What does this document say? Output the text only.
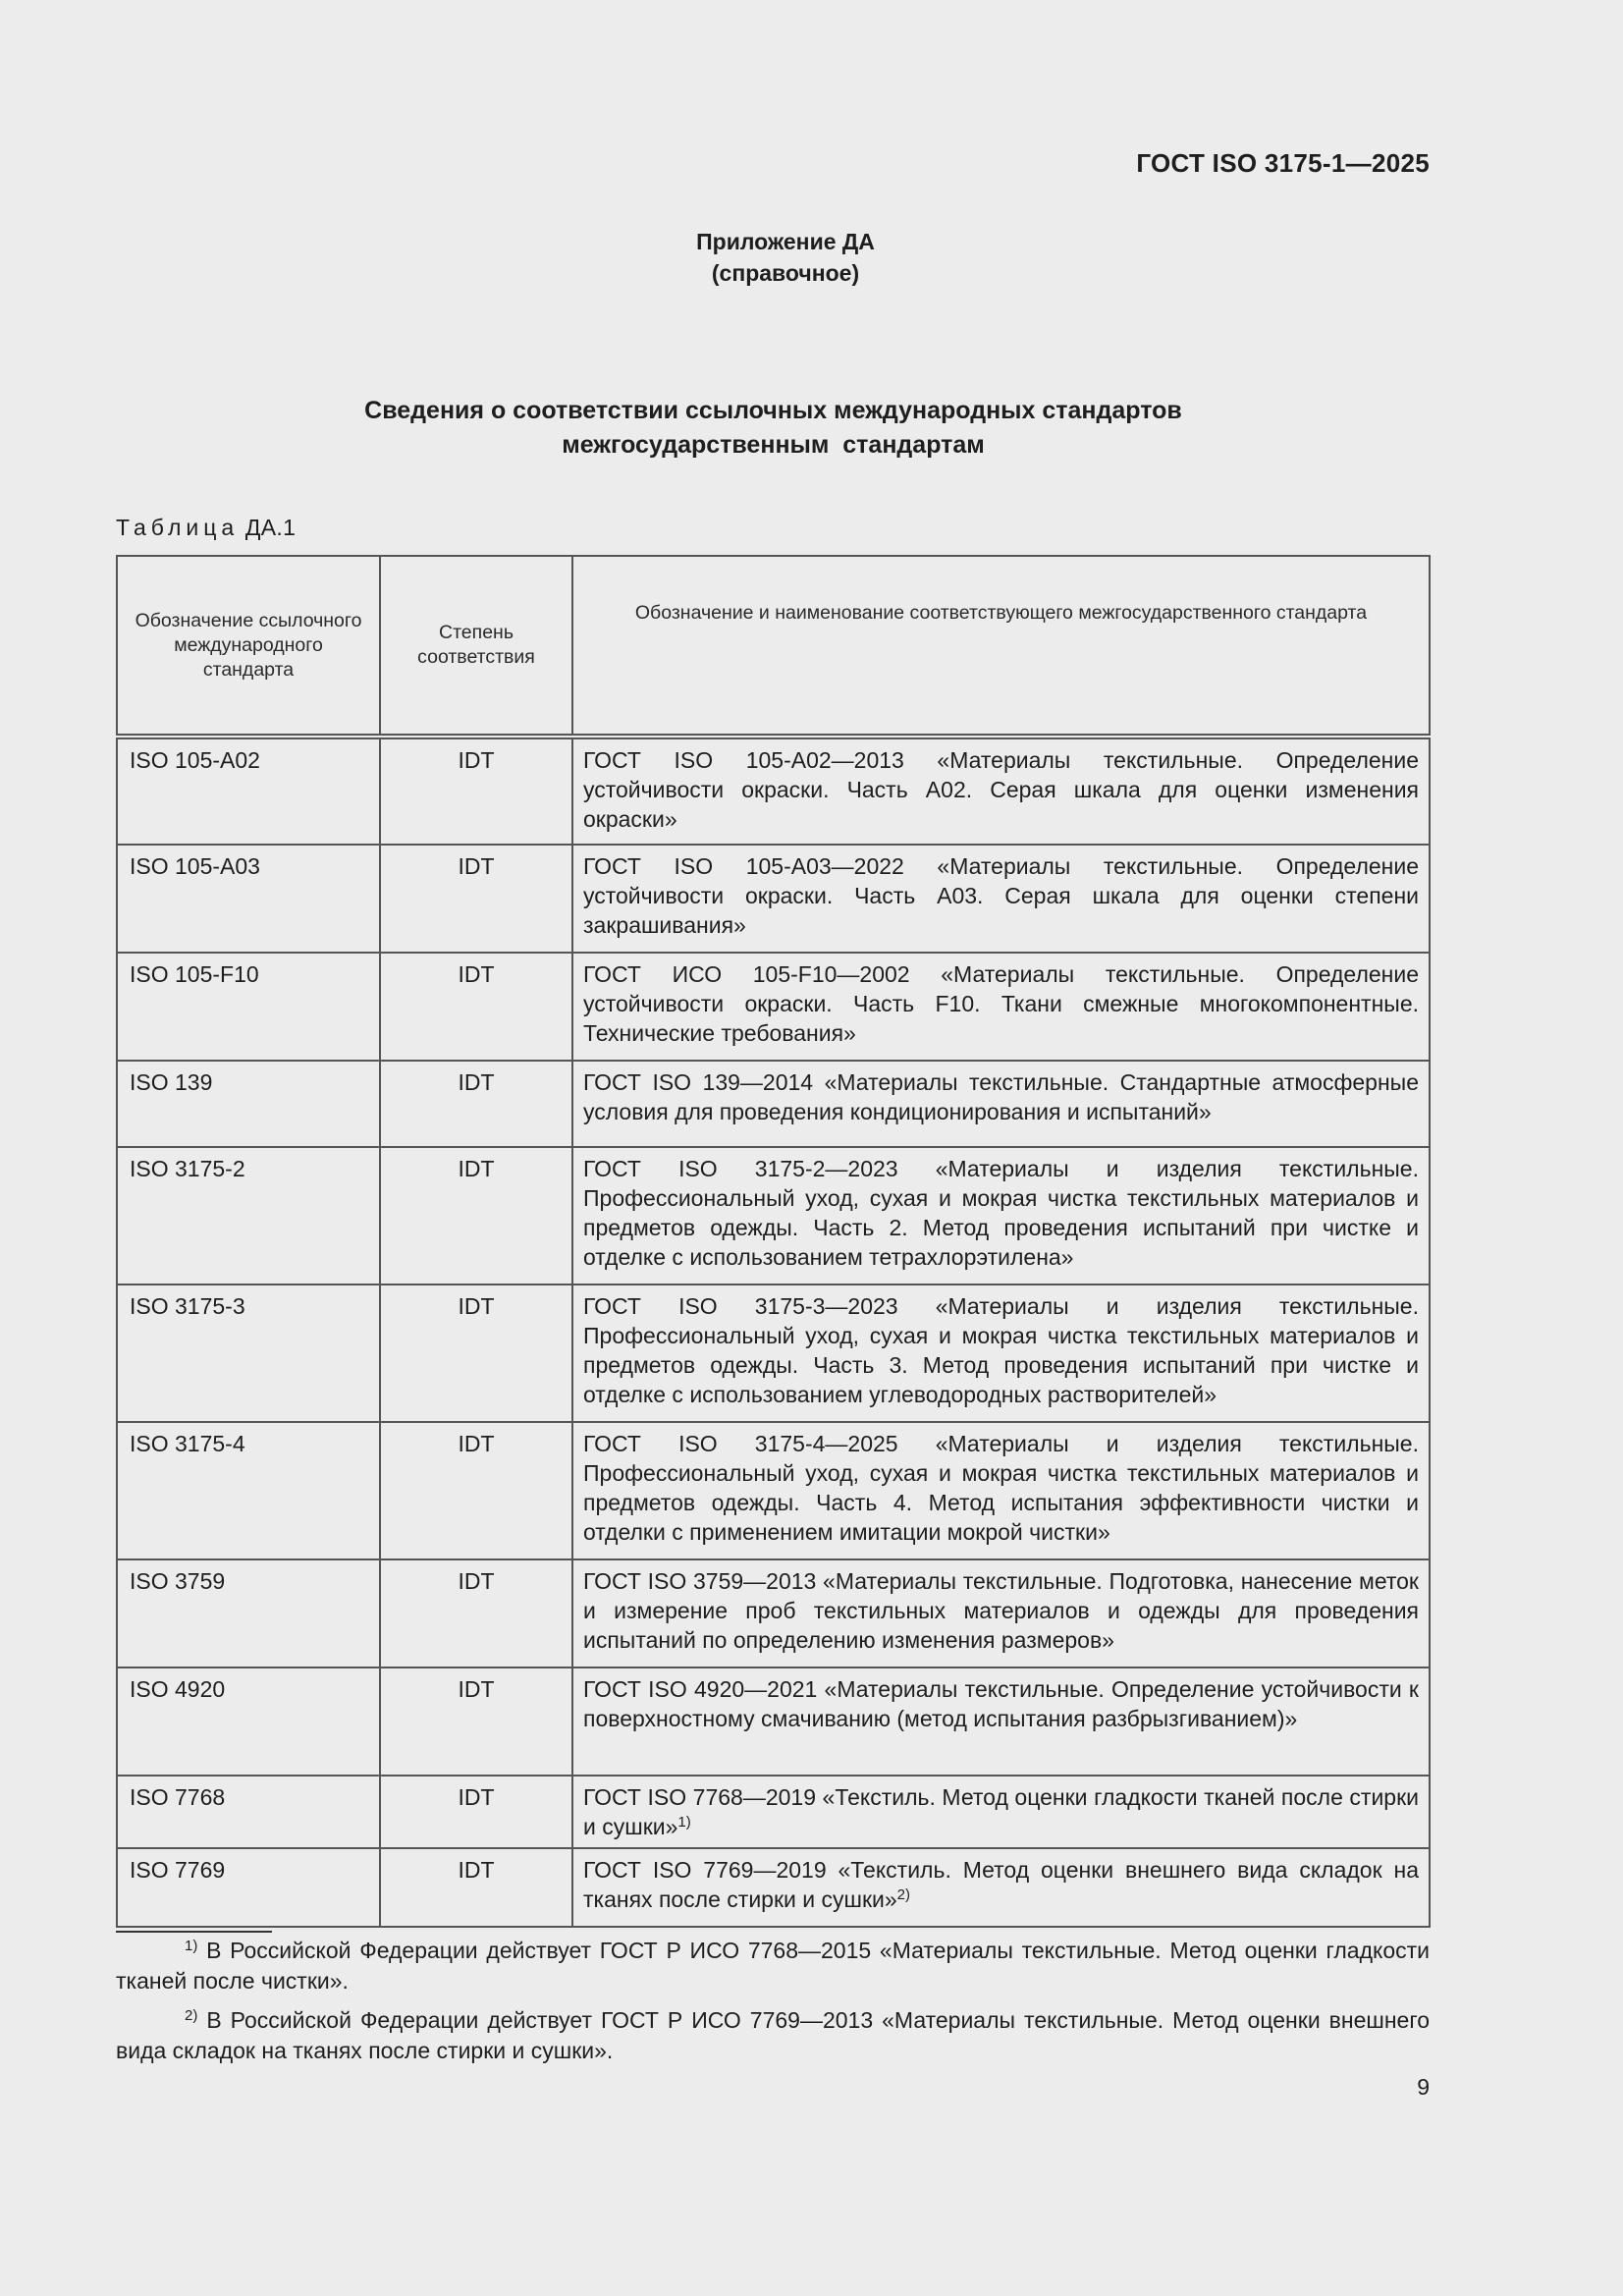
ГОСТ ISO 3175-1—2025
Приложение ДА
(справочное)
Сведения о соответствии ссылочных международных стандартов
межгосударственным  стандартам
Таблица ДА.1
Обозначение ссылочного международного стандарта	Степень соответствия	Обозначение и наименование соответствующего межгосударственного стандарта
ISO 105-A02	IDT	ГОСТ ISO 105-A02—2013 «Материалы текстильные. Определение устойчивости окраски. Часть А02. Серая шкала для оценки изменения окраски»
ISO 105-A03	IDT	ГОСТ ISO 105-A03—2022 «Материалы текстильные. Определение устойчивости окраски. Часть А03. Серая шкала для оценки степени закрашивания»
ISO 105-F10	IDT	ГОСТ ИСО 105-F10—2002 «Материалы текстильные. Определение устойчивости окраски. Часть F10. Ткани смежные многокомпонентные. Технические требования»
ISO 139	IDT	ГОСТ ISO 139—2014 «Материалы текстильные. Стандартные атмосферные условия для проведения кондиционирования и испытаний»
ISO 3175-2	IDT	ГОСТ ISO 3175-2—2023 «Материалы и изделия текстильные. Профессиональный уход, сухая и мокрая чистка текстильных материалов и предметов одежды. Часть 2. Метод проведения испытаний при чистке и отделке с использованием тетрахлорэтилена»
ISO 3175-3	IDT	ГОСТ ISO 3175-3—2023 «Материалы и изделия текстильные. Профессиональный уход, сухая и мокрая чистка текстильных материалов и предметов одежды. Часть 3. Метод проведения испытаний при чистке и отделке с использованием углеводородных растворителей»
ISO 3175-4	IDT	ГОСТ ISO 3175-4—2025 «Материалы и изделия текстильные. Профессиональный уход, сухая и мокрая чистка текстильных материалов и предметов одежды. Часть 4. Метод испытания эффективности чистки и отделки с применением имитации мокрой чистки»
ISO 3759	IDT	ГОСТ ISO 3759—2013 «Материалы текстильные. Подготовка, нанесение меток и измерение проб текстильных материалов и одежды для проведения испытаний по определению изменения размеров»
ISO 4920	IDT	ГОСТ ISO 4920—2021 «Материалы текстильные. Определение устойчивости к поверхностному смачиванию (метод испытания разбрызгиванием)»
ISO 7768	IDT	ГОСТ ISO 7768—2019 «Текстиль. Метод оценки гладкости тканей после стирки и сушки»$^{1)}$
ISO 7769	IDT	ГОСТ ISO 7769—2019 «Текстиль. Метод оценки внешнего вида складок на тканях после стирки и сушки»$^{2)}$

$^{1)}$ В Российской Федерации действует ГОСТ Р ИСО 7768—2015 «Материалы текстильные. Метод оценки гладкости тканей после чистки».

$^{2)}$ В Российской Федерации действует ГОСТ Р ИСО 7769—2013 «Материалы текстильные. Метод оценки внешнего вида складок на тканях после стирки и сушки».

9
